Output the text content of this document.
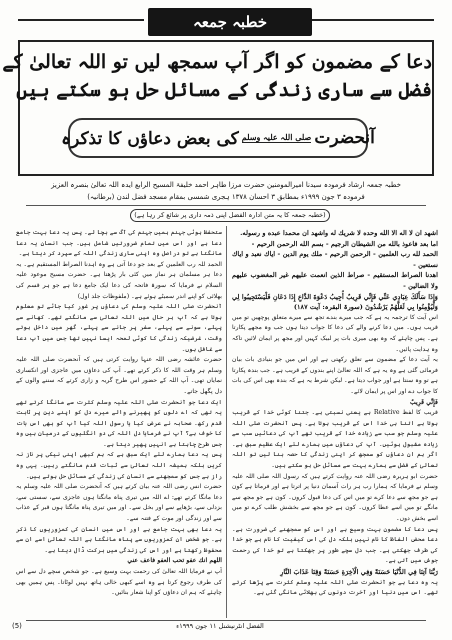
خطبہ جمعہ
دعا کے مضمون کو اگر آپ سمجھ لیں تو اللہ تعالیٰ کے
فضل سے ساری زندگی کے مسائل حل ہو سکتے ہیں
آنحضرت
صلی اللہ علیہ وسلم
کی بعض دعاؤں کا تذکرہ
خطبہ جمعہ ارشاد فرمودہ سیدنا امیرالمومنین حضرت مرزا طاہر احمد خلیفۃ المسیح الرابع ایدہ اللہ تعالیٰ بنصرہ العزیز
فرمودہ ۳ جون ۱۹۹۹ء بمطابق ۳ احسان ۱۳۷۸ ہجری شمسی بمقام مسجد فضل لندن (برطانیہ)
(خطبہ جمعہ کا یہ متن ادارہ الفضل اپنی ذمہ داری پر شائع کر رہا ہے)

اشهد ان لا اله الا الله وحده لا شريك له واشهد ان محمدا عبده و رسوله.

اما بعد فاعوذ بالله من الشيطان الرجيم - بسم الله الرحمن الرحيم -

الحمد لله رب العلمين - الرحمن الرحيم - ملك يوم الدين - اياك نعبد و اياك نستعين -

اهدنا الصراط المستقيم - صراط الذين انعمت عليهم غير المغضوب عليهم ولا الضالين -

وَإِذَا سَأَلَكَ عِبَادِي عَنِّي فَإِنِّي قَرِيبٌ أُجِيبُ دَعْوَةَ الدَّاعِ إِذَا دَعَانِ فَلْيَسْتَجِيبُوا لِي وَلْيُؤْمِنُوا بِي لَعَلَّهُمْ يَرْشُدُونَ (سورۃ البقرہ: آیت ۱۸۷)

اس آیت کا ترجمہ یہ ہے کہ جب میرے بندے تجھ سے میرے متعلق پوچھیں تو میں قریب ہوں۔ میں دعا کرنے والے کی دعا کا جواب دیتا ہوں جب وہ مجھے پکارتا ہے۔ پس چاہئے کہ وہ بھی میری بات پر لبیک کہیں اور مجھ پر ایمان لائیں تاکہ وہ ہدایت پائیں۔

یہ آیت دعا کے مضمون سے تعلق رکھتی ہے اور اس میں جو بنیادی بات بیان فرمائی گئی ہے وہ یہ ہے کہ اللہ تعالیٰ اپنے بندوں کے قریب ہے۔ جب بندہ پکارتا ہے تو وہ سنتا ہے اور جواب دیتا ہے۔ لیکن شرط یہ ہے کہ بندہ بھی اس کی بات کا جواب دے اور اس پر ایمان لائے۔

فَإِنِّي قَرِيبٌ

قریب کا لفظ Relative ہے یعنی نسبتی ہے۔ جتنا کوئی خدا کے قریب ہوتا ہے اتنا ہی خدا اس کے قریب ہوتا ہے۔ پس آنحضرت صلی اللہ علیہ وسلم جو سب سے زیادہ خدا کے قریب تھے آپ کی دعائیں سب سے زیادہ مقبول ہوئیں۔ آپ کی دعاؤں میں ہمارے لئے ایک عظیم سبق ہے۔ اگر ہم ان دعاؤں کو سمجھ کر اپنی زندگی کا حصہ بنا لیں تو اللہ تعالیٰ کے فضل سے ہمارے بہت سے مسائل حل ہو سکتے ہیں۔

حضرت ابو ہریرہ رضی اللہ عنہ روایت کرتے ہیں کہ رسول اللہ صلی اللہ علیہ وسلم نے فرمایا کہ ہمارا رب ہر رات آسمان دنیا پر اترتا ہے اور فرماتا ہے کون ہے جو مجھ سے دعا کرے تو میں اس کی دعا قبول کروں۔ کون ہے جو مجھ سے مانگے تو میں اسے عطا کروں۔ کون ہے جو مجھ سے بخشش طلب کرے تو میں اسے بخش دوں۔

پس دعا کا مضمون بہت وسیع ہے اور اس کو سمجھنے کی ضرورت ہے۔ دعا محض الفاظ کا نام نہیں بلکہ دل کی اس کیفیت کا نام ہے جو خدا کی طرف جھکتی ہے۔ جب دل سچے طور پر جھکتا ہے تو خدا کی رحمت جوش میں آتی ہے۔

رَبَّنَا آتِنَا فِي الدُّنْيَا حَسَنَةً وَفِي الْآخِرَةِ حَسَنَةً وَقِنَا عَذَابَ النَّارِ

یہ وہ دعا ہے جو آنحضرت صلی اللہ علیہ وسلم کثرت سے پڑھا کرتے تھے۔ اس میں دنیا اور آخرت دونوں کی بھلائی مانگی گئی ہے۔

ستحفظ ہوئی جہنم ہمیں جہنم کی آگ سے بچا لے۔ پس یہ دعا بہت جامع دعا ہے اور اس میں تمام ضرورتیں شامل ہیں۔ جب انسان یہ دعا مانگتا ہے تو دراصل وہ اپنی ساری زندگی اللہ کے سپرد کر دیتا ہے۔

الحمد للہ رب العلمین کے بعد جو دعا آتی ہے وہ اہدنا الصراط المستقیم ہے۔ یہ دعا ہر مسلمان ہر نماز میں کئی بار پڑھتا ہے۔ حضرت مسیح موعود علیہ السلام نے فرمایا کہ سورۃ فاتحہ کی دعا ایک جامع دعا ہے جو ہر قسم کی بھلائی کو اپنے اندر سمیٹے ہوئے ہے۔ (ملفوظات جلد اول)

آنحضرت صلی اللہ علیہ وسلم کی دعاؤں پر غور کیا جائے تو معلوم ہوتا ہے کہ آپ ہر حال میں اللہ تعالیٰ سے مانگتے تھے۔ کھانے سے پہلے، سونے سے پہلے، سفر پر جانے سے پہلے، گھر میں داخل ہوتے وقت، غرضیکہ زندگی کا کوئی لمحہ ایسا نہیں تھا جس میں آپ دعا سے غافل ہوں۔

حضرت عائشہ رضی اللہ عنہا روایت کرتی ہیں کہ آنحضرت صلی اللہ علیہ وسلم ہر وقت اللہ کا ذکر کرتے تھے۔ آپ کی دعاؤں میں عاجزی اور انکساری نمایاں تھی۔ آپ اللہ کے حضور اس طرح گریہ و زاری کرتے کہ سننے والوں کے دل پگھل جاتے۔

ایک دعا جو آنحضرت صلی اللہ علیہ وسلم کثرت سے مانگا کرتے تھے یہ تھی کہ اے دلوں کو پھیرنے والے میرے دل کو اپنے دین پر ثابت قدم رکھ۔ صحابہ نے عرض کیا یا رسول اللہ کیا آپ کو بھی اس بات کا خوف ہے؟ آپ نے فرمایا دل اللہ کی دو انگلیوں کے درمیان ہیں وہ جس طرح چاہتا ہے انہیں پھیر دیتا ہے۔

پس یہ دعا ہمارے لئے ایک سبق ہے کہ ہم کبھی اپنی نیکی پر ناز نہ کریں بلکہ ہمیشہ اللہ تعالیٰ سے ثبات قدم مانگتے رہیں۔ یہی وہ راز ہے جس کو سمجھنے سے انسان کی زندگی کے مسائل حل ہوتے ہیں۔

حضرت انس رضی اللہ عنہ بیان کرتے ہیں کہ آنحضرت صلی اللہ علیہ وسلم یہ دعا مانگا کرتے تھے: اے اللہ میں تیری پناہ مانگتا ہوں عاجزی سے، سستی سے، بزدلی سے، بڑھاپے سے اور بخل سے۔ اور میں تیری پناہ مانگتا ہوں قبر کے عذاب سے اور زندگی اور موت کے فتنہ سے۔

یہ دعا بھی بہت جامع ہے اور اس میں انسان کی کمزوریوں کا ذکر ہے۔ جو شخص ان کمزوریوں سے پناہ مانگتا ہے اللہ تعالیٰ اسے ان سے محفوظ رکھتا ہے اور اس کی زندگی میں برکت ڈال دیتا ہے۔

اللهم انك عفو تحب العفو فاعف عني

آپ نے فرمایا اللہ تعالیٰ کی رحمت بہت وسیع ہے۔ جو شخص سچے دل سے اس کی طرف رجوع کرتا ہے وہ اسے کبھی خالی ہاتھ نہیں لوٹاتا۔ پس ہمیں بھی چاہئے کہ ہم ان دعاؤں کو اپنا شعار بنائیں۔

الفضل انٹرنیشنل ۱۱ جون ۱۹۹۹ء
(5)
